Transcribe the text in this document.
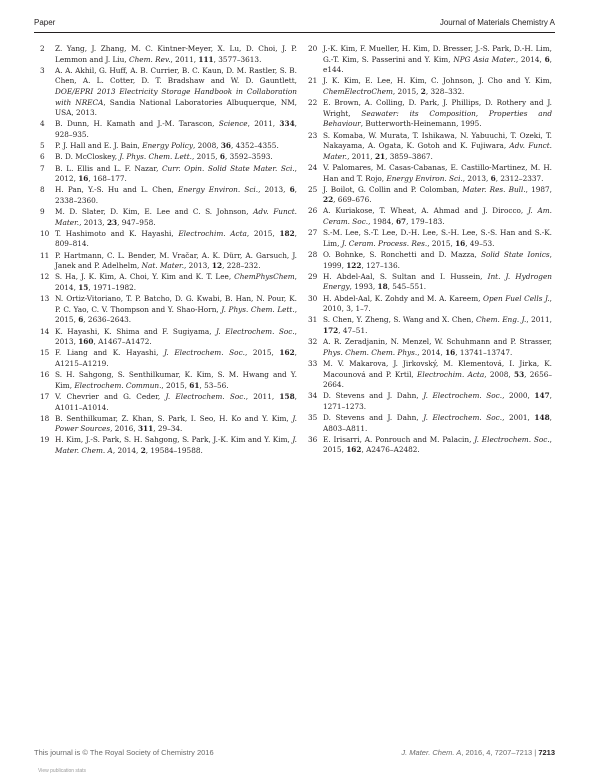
Paper	Journal of Materials Chemistry A
2	Z. Yang, J. Zhang, M. C. Kintner-Meyer, X. Lu, D. Choi, J. P. Lemmon and J. Liu, Chem. Rev., 2011, 111, 3577–3613.
3	A. A. Akhil, G. Huff, A. B. Currier, B. C. Kaun, D. M. Rastler, S. B. Chen, A. L. Cotter, D. T. Bradshaw and W. D. Gauntlett, DOE/EPRI 2013 Electricity Storage Handbook in Collaboration with NRECA, Sandia National Laboratories Albuquerque, NM, USA, 2013.
4	B. Dunn, H. Kamath and J.-M. Tarascon, Science, 2011, 334, 928–935.
5	P. J. Hall and E. J. Bain, Energy Policy, 2008, 36, 4352–4355.
6	B. D. McCloskey, J. Phys. Chem. Lett., 2015, 6, 3592–3593.
7	B. L. Ellis and L. F. Nazar, Curr. Opin. Solid State Mater. Sci., 2012, 16, 168–177.
8	H. Pan, Y.-S. Hu and L. Chen, Energy Environ. Sci., 2013, 6, 2338–2360.
9	M. D. Slater, D. Kim, E. Lee and C. S. Johnson, Adv. Funct. Mater., 2013, 23, 947–958.
10 T. Hashimoto and K. Hayashi, Electrochim. Acta, 2015, 182, 809–814.
11 P. Hartmann, C. L. Bender, M. Vračar, A. K. Dürr, A. Garsuch, J. Janek and P. Adelhelm, Nat. Mater., 2013, 12, 228–232.
12 S. Ha, J. K. Kim, A. Choi, Y. Kim and K. T. Lee, ChemPhysChem, 2014, 15, 1971–1982.
13 N. Ortiz-Vitoriano, T. P. Batcho, D. G. Kwabi, B. Han, N. Pour, K. P. C. Yao, C. V. Thompson and Y. Shao-Horn, J. Phys. Chem. Lett., 2015, 6, 2636–2643.
14 K. Hayashi, K. Shima and F. Sugiyama, J. Electrochem. Soc., 2013, 160, A1467–A1472.
15 F. Liang and K. Hayashi, J. Electrochem. Soc., 2015, 162, A1215–A1219.
16 S. H. Sahgong, S. Senthilkumar, K. Kim, S. M. Hwang and Y. Kim, Electrochem. Commun., 2015, 61, 53–56.
17 V. Chevrier and G. Ceder, J. Electrochem. Soc., 2011, 158, A1011–A1014.
18 B. Senthilkumar, Z. Khan, S. Park, I. Seo, H. Ko and Y. Kim, J. Power Sources, 2016, 311, 29–34.
19 H. Kim, J.-S. Park, S. H. Sahgong, S. Park, J.-K. Kim and Y. Kim, J. Mater. Chem. A, 2014, 2, 19584–19588.
20 J.-K. Kim, F. Mueller, H. Kim, D. Bresser, J.-S. Park, D.-H. Lim, G.-T. Kim, S. Passerini and Y. Kim, NPG Asia Mater., 2014, 6, e144.
21 J. K. Kim, E. Lee, H. Kim, C. Johnson, J. Cho and Y. Kim, ChemElectroChem, 2015, 2, 328–332.
22 E. Brown, A. Colling, D. Park, J. Phillips, D. Rothery and J. Wright, Seawater: its Composition, Properties and Behaviour, Butterworth-Heinemann, 1995.
23 S. Komaba, W. Murata, T. Ishikawa, N. Yabuuchi, T. Ozeki, T. Nakayama, A. Ogata, K. Gotoh and K. Fujiwara, Adv. Funct. Mater., 2011, 21, 3859–3867.
24 V. Palomares, M. Casas-Cabanas, E. Castillo-Martinez, M. H. Han and T. Rojo, Energy Environ. Sci., 2013, 6, 2312–2337.
25 J. Boilot, G. Collin and P. Colomban, Mater. Res. Bull., 1987, 22, 669–676.
26 A. Kuriakose, T. Wheat, A. Ahmad and J. Dirocco, J. Am. Ceram. Soc., 1984, 67, 179–183.
27 S.-M. Lee, S.-T. Lee, D.-H. Lee, S.-H. Lee, S.-S. Han and S.-K. Lim, J. Ceram. Process. Res., 2015, 16, 49–53.
28 O. Bohnke, S. Ronchetti and D. Mazza, Solid State Ionics, 1999, 122, 127–136.
29 H. Abdel-Aal, S. Sultan and I. Hussein, Int. J. Hydrogen Energy, 1993, 18, 545–551.
30 H. Abdel-Aal, K. Zohdy and M. A. Kareem, Open Fuel Cells J., 2010, 3, 1–7.
31 S. Chen, Y. Zheng, S. Wang and X. Chen, Chem. Eng. J., 2011, 172, 47–51.
32 A. R. Zeradjanin, N. Menzel, W. Schuhmann and P. Strasser, Phys. Chem. Chem. Phys., 2014, 16, 13741–13747.
33 M. V. Makarova, J. Jirkovský, M. Klementová, I. Jirka, K. Macounová and P. Krtil, Electrochim. Acta, 2008, 53, 2656–2664.
34 D. Stevens and J. Dahn, J. Electrochem. Soc., 2000, 147, 1271–1273.
35 D. Stevens and J. Dahn, J. Electrochem. Soc., 2001, 148, A803–A811.
36 E. Irisarri, A. Ponrouch and M. Palacin, J. Electrochem. Soc., 2015, 162, A2476–A2482.
This journal is © The Royal Society of Chemistry 2016	J. Mater. Chem. A, 2016, 4, 7207–7213 | 7213
View publication stats
